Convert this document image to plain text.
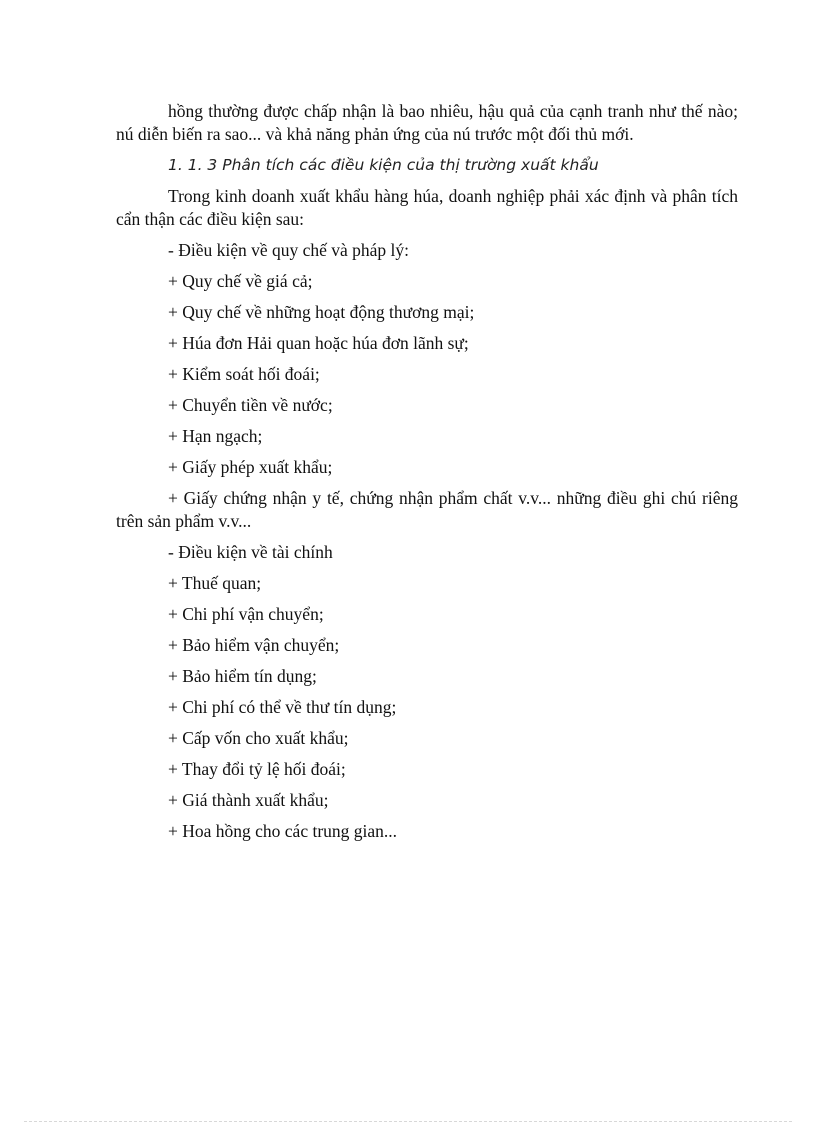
hồng thường được chấp nhận là bao nhiêu, hậu quả của cạnh tranh như thế nào; nú diễn biến ra sao... và khả năng phản ứng của nú trước một đối thủ mới.

1. 1. 3 Phân tích các điều kiện của thị trường xuất khẩu

Trong kinh doanh xuất khẩu hàng húa, doanh nghiệp phải xác định và phân tích cẩn thận các điều kiện sau:

- Điều kiện về quy chế và pháp lý:

+ Quy chế về giá cả;

+ Quy chế về những hoạt động thương mại;

+ Húa đơn Hải quan hoặc húa đơn lãnh sự;

+ Kiểm soát hối đoái;

+ Chuyển tiền về nước;

+ Hạn ngạch;

+ Giấy phép xuất khẩu;

+ Giấy chứng nhận y tế, chứng nhận phẩm chất v.v... những điều ghi chú riêng trên sản phẩm v.v...

- Điều kiện về tài chính

+ Thuế quan;

+ Chi phí vận chuyển;

+ Bảo hiểm vận chuyển;

+ Bảo hiểm tín dụng;

+ Chi phí có thể về thư tín dụng;

+ Cấp vốn cho xuất khẩu;

+ Thay đổi tỷ lệ hối đoái;

+ Giá thành xuất khẩu;

+ Hoa hồng cho các trung gian...
